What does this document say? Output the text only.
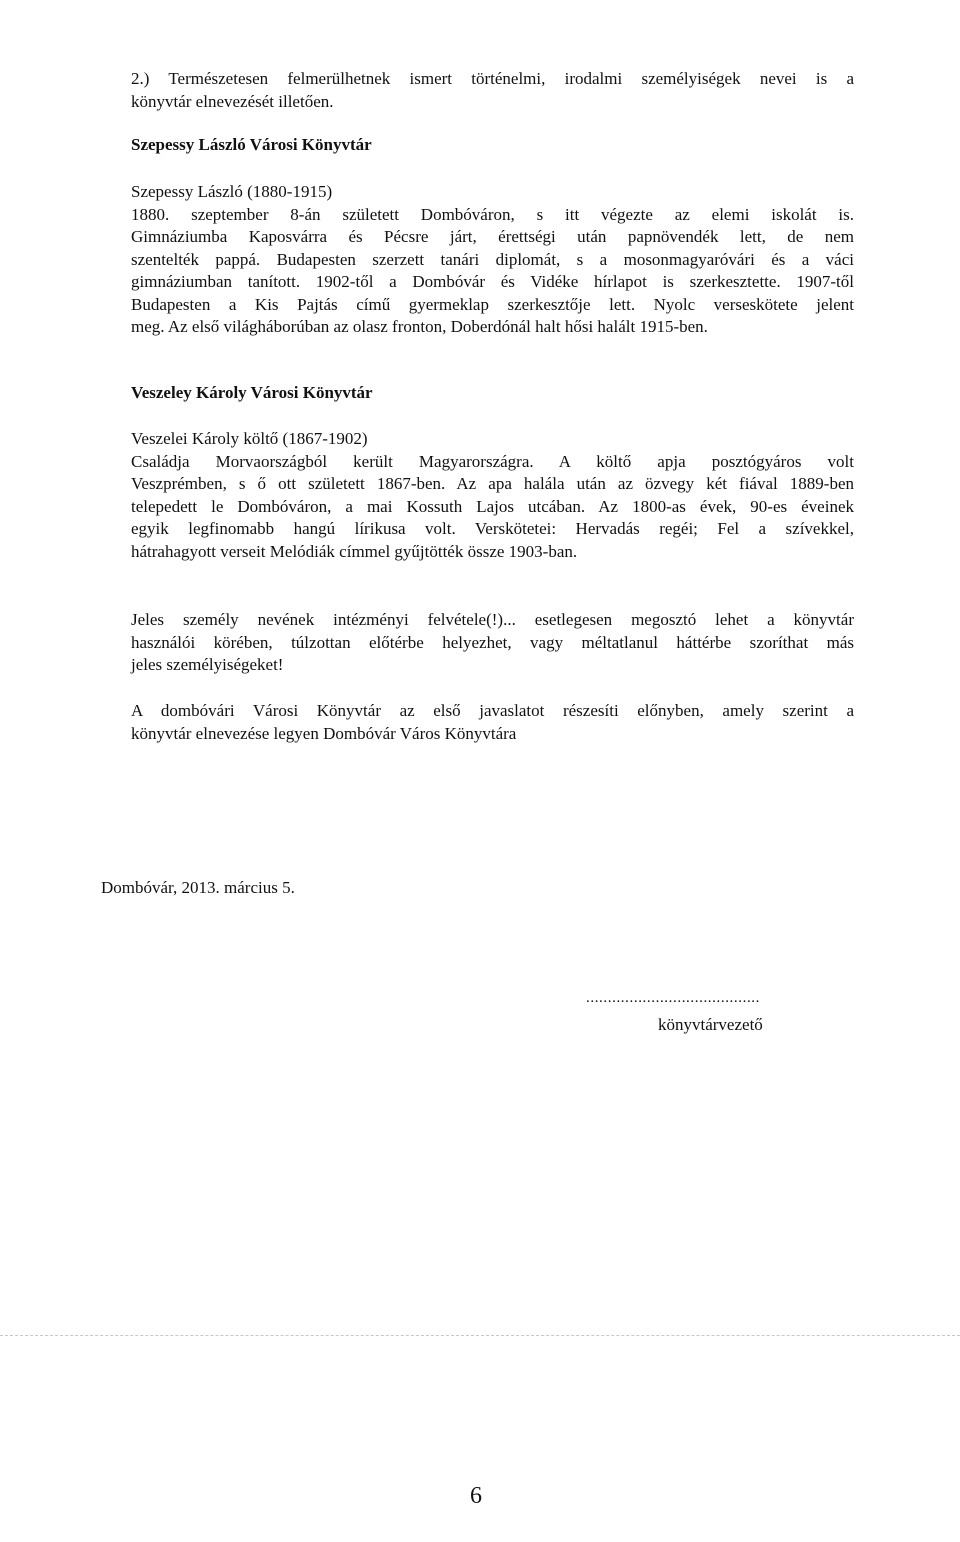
2.) Természetesen felmerülhetnek ismert történelmi, irodalmi személyiségek nevei is a
könyvtár elnevezését illetően.
Szepessy László Városi Könyvtár
Szepessy László (1880-1915)
1880. szeptember 8-án született Dombóváron, s itt végezte az elemi iskolát is.
Gimnáziumba Kaposvárra és Pécsre járt, érettségi után papnövendék lett, de nem
szentelték pappá. Budapesten szerzett tanári diplomát, s a mosonmagyaróvári és a váci
gimnáziumban tanított. 1902-től a Dombóvár és Vidéke hírlapot is szerkesztette. 1907-től
Budapesten a Kis Pajtás című gyermeklap szerkesztője lett. Nyolc verseskötete jelent
meg. Az első világháborúban az olasz fronton, Doberdónál halt hősi halált 1915-ben.
Veszeley Károly Városi Könyvtár
Veszelei Károly költő (1867-1902)
Családja Morvaországból került Magyarországra. A költő apja posztógyáros volt
Veszprémben, s ő ott született 1867-ben. Az apa halála után az özvegy két fiával 1889-ben
telepedett le Dombóváron, a mai Kossuth Lajos utcában. Az 1800-as évek, 90-es éveinek
egyik legfinomabb hangú lírikusa volt. Verskötetei: Hervadás regéi; Fel a szívekkel,
hátrahagyott verseit Melódiák címmel gyűjtötték össze 1903-ban.
Jeles személy nevének intézményi felvétele(!)... esetlegesen megosztó lehet a könyvtár
használói körében, túlzottan előtérbe helyezhet, vagy méltatlanul háttérbe szoríthat más
jeles személyiségeket!
A dombóvári Városi Könyvtár az első javaslatot részesíti előnyben, amely szerint a
könyvtár elnevezése legyen Dombóvár Város Könyvtára

Dombóvár, 2013. március 5.

........................................

könyvtárvezető

6
